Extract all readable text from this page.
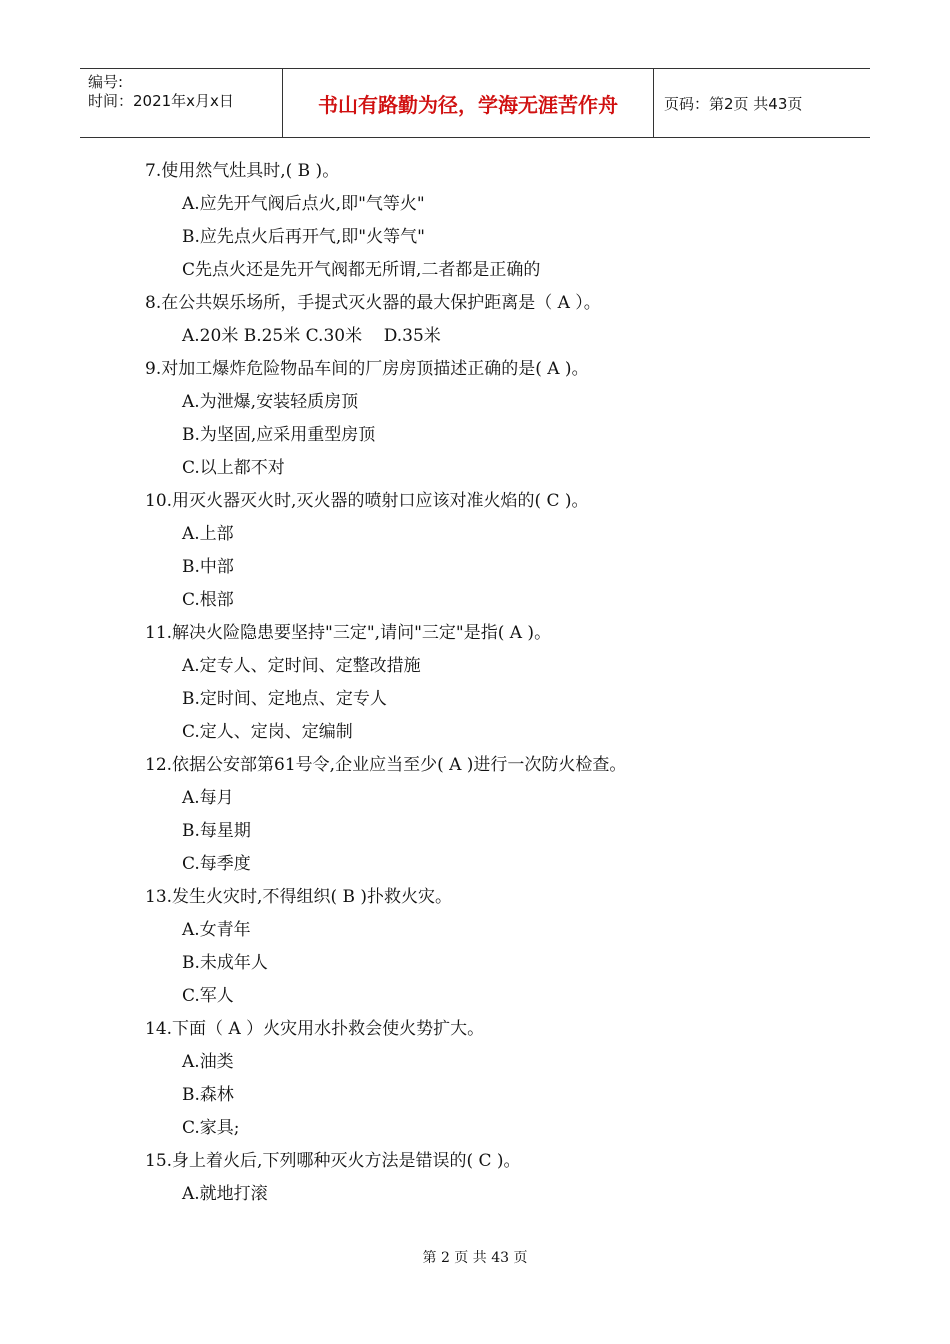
编号:
时间：2021年x月x日	书山有路勤为径，学海无涯苦作舟	页码：第2页 共43页
7.使用然气灶具时,( B )。
A.应先开气阀后点火,即"气等火"
B.应先点火后再开气,即"火等气"
C先点火还是先开气阀都无所谓,二者都是正确的
8.在公共娱乐场所，手提式灭火器的最大保护距离是（ A ）。
A.20米 B.25米 C.30米    D.35米
9.对加工爆炸危险物品车间的厂房房顶描述正确的是( A )。
A.为泄爆,安装轻质房顶
B.为坚固,应采用重型房顶
C.以上都不对
10.用灭火器灭火时,灭火器的喷射口应该对准火焰的( C )。
A.上部
B.中部
C.根部
11.解决火险隐患要坚持"三定",请问"三定"是指( A )。
A.定专人、定时间、定整改措施
B.定时间、定地点、定专人
C.定人、定岗、定编制
12.依据公安部第61号令,企业应当至少( A )进行一次防火检查。
A.每月
B.每星期
C.每季度
13.发生火灾时,不得组织( B )扑救火灾。
A.女青年
B.未成年人
C.军人
14.下面（ A ）火灾用水扑救会使火势扩大。
A.油类
B.森林
C.家具;
15.身上着火后,下列哪种灭火方法是错误的( C )。
A.就地打滚
第 2 页 共 43 页
